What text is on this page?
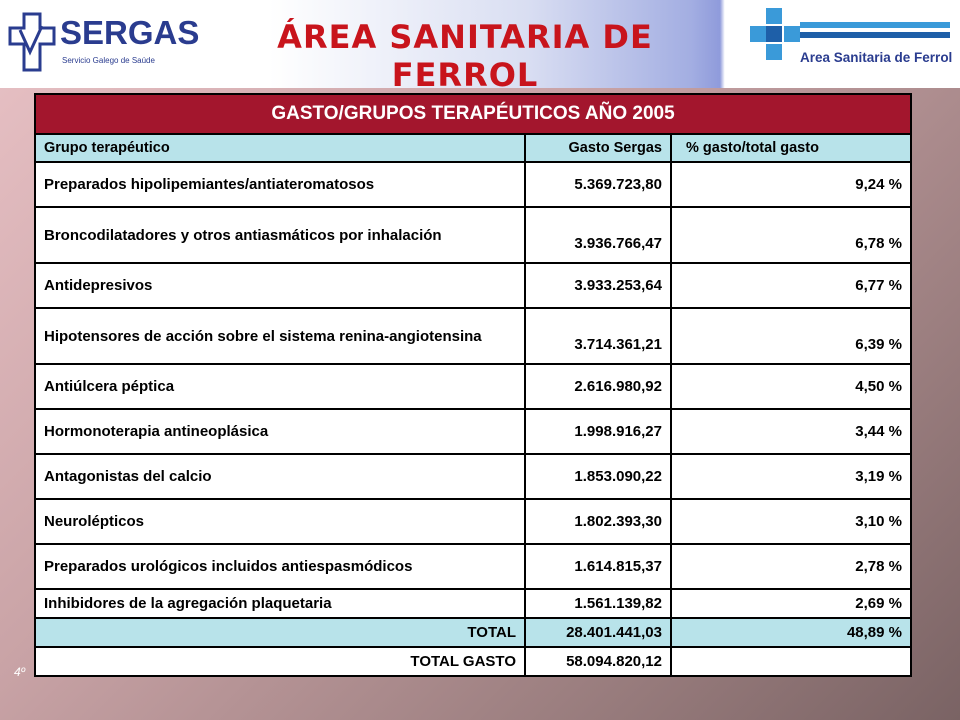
SERGAS
Servicio Galego de Saúde
ÁREA SANITARIA DE FERROL	Area Sanitaria de Ferrol
4º
GASTO/GRUPOS TERAPÉUTICOS AÑO 2005		
Grupo terapéutico	Gasto Sergas	% gasto/total gasto
Preparados hipolipemiantes/antiateromatosos	5.369.723,80	9,24 %
Broncodilatadores y otros antiasmáticos por inhalación	3.936.766,47	6,78 %
Antidepresivos	3.933.253,64	6,77 %
Hipotensores de acción sobre el sistema renina-angiotensina	3.714.361,21	6,39 %
Antiúlcera péptica	2.616.980,92	4,50 %
Hormonoterapia antineoplásica	1.998.916,27	3,44 %
Antagonistas del calcio	1.853.090,22	3,19 %
Neurolépticos	1.802.393,30	3,10 %
Preparados urológicos incluidos antiespasmódicos	1.614.815,37	2,78 %
Inhibidores de la agregación plaquetaria	1.561.139,82	2,69 %
TOTAL	28.401.441,03	48,89 %
TOTAL GASTO	58.094.820,12	
